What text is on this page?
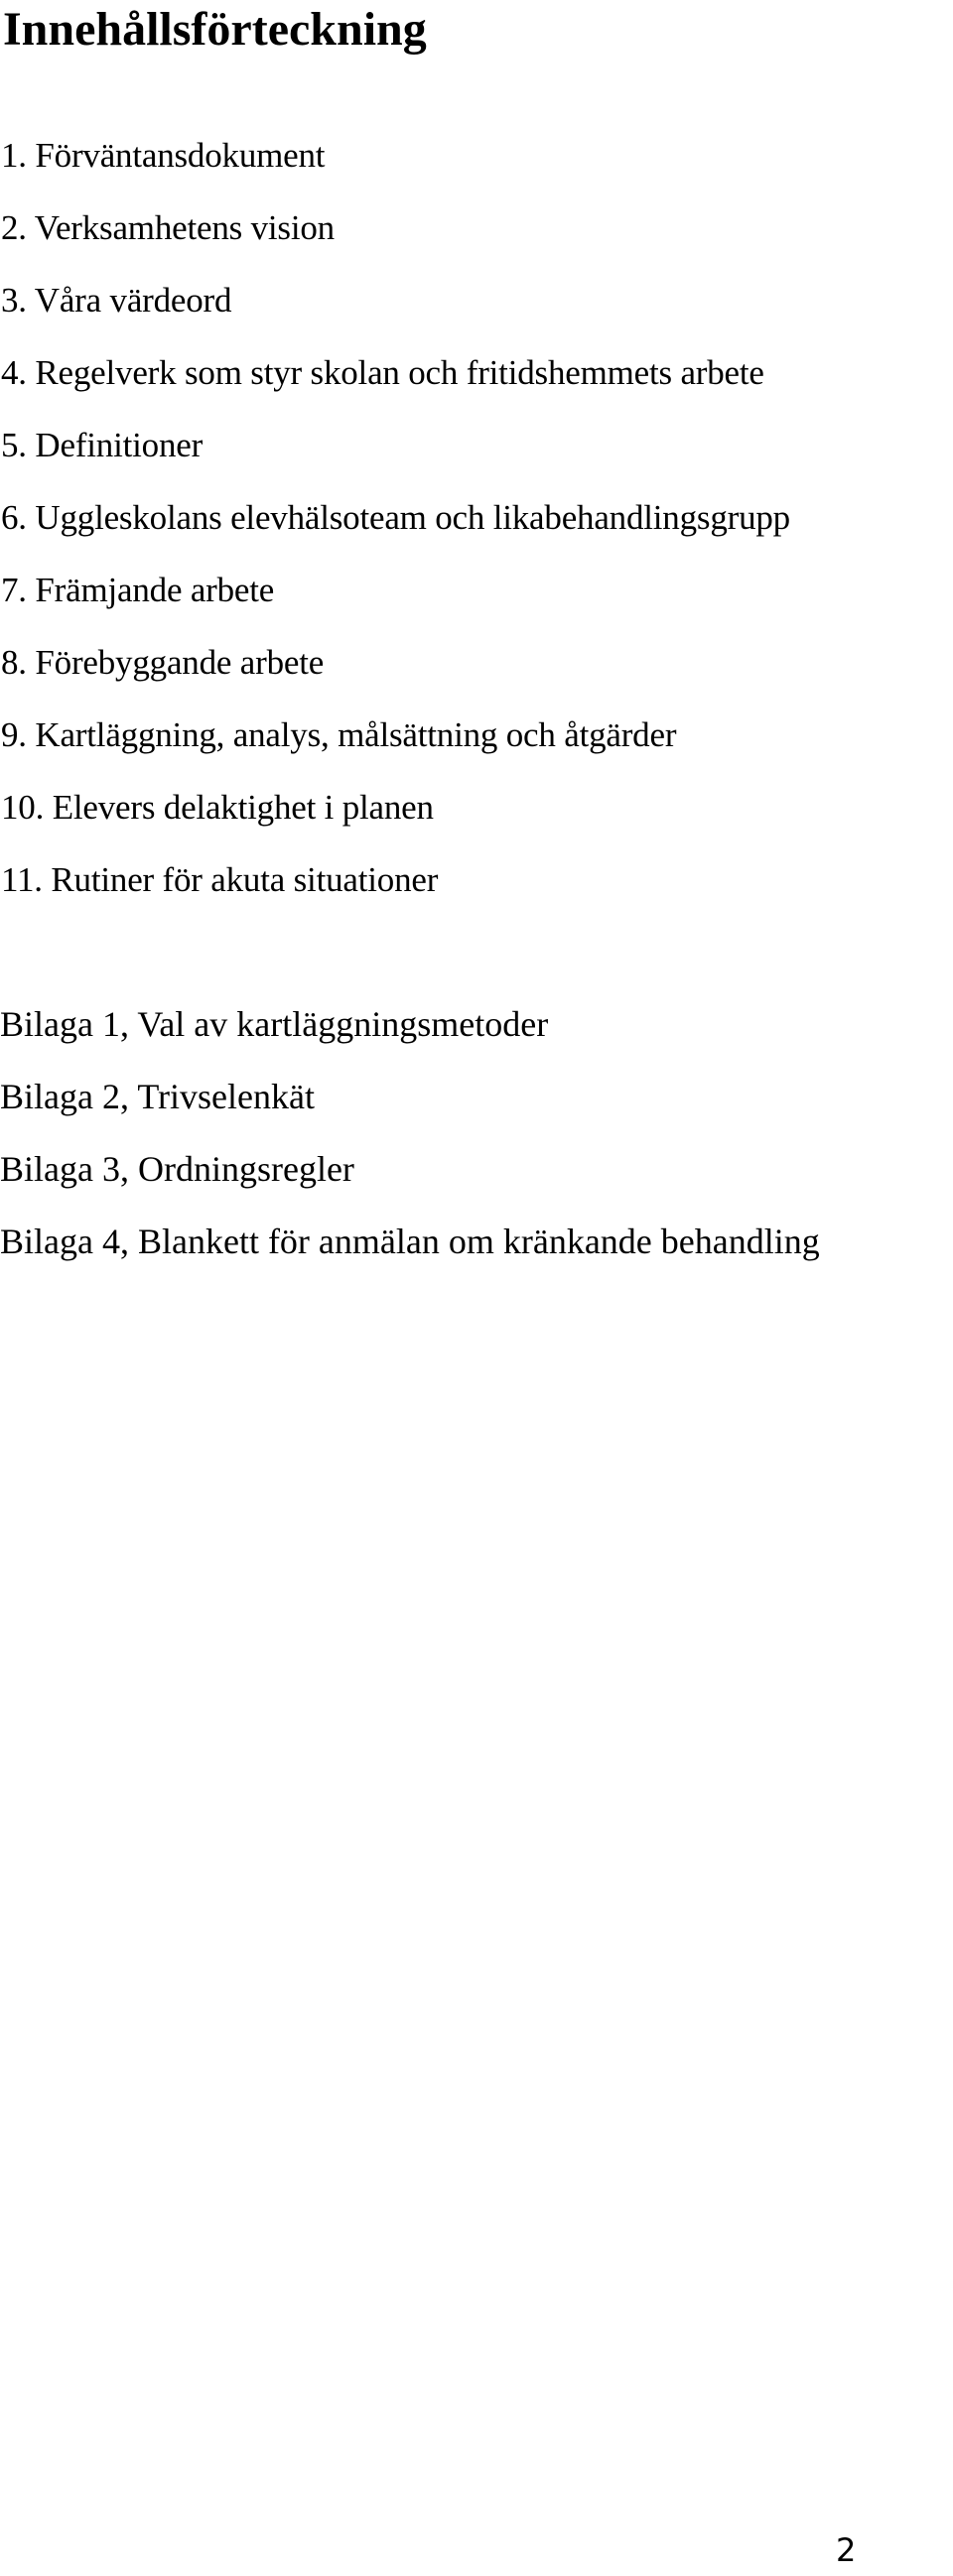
Innehållsförteckning
1. Förväntansdokument
2. Verksamhetens vision
3. Våra värdeord
4. Regelverk som styr skolan och fritidshemmets arbete
5. Definitioner
6. Uggleskolans elevhälsoteam och likabehandlingsgrupp
7. Främjande arbete
8. Förebyggande arbete
9. Kartläggning, analys, målsättning och åtgärder
10. Elevers delaktighet i planen
11. Rutiner för akuta situationer
Bilaga 1, Val av kartläggningsmetoder
Bilaga 2, Trivselenkät
Bilaga 3, Ordningsregler
Bilaga 4, Blankett för anmälan om kränkande behandling
2
